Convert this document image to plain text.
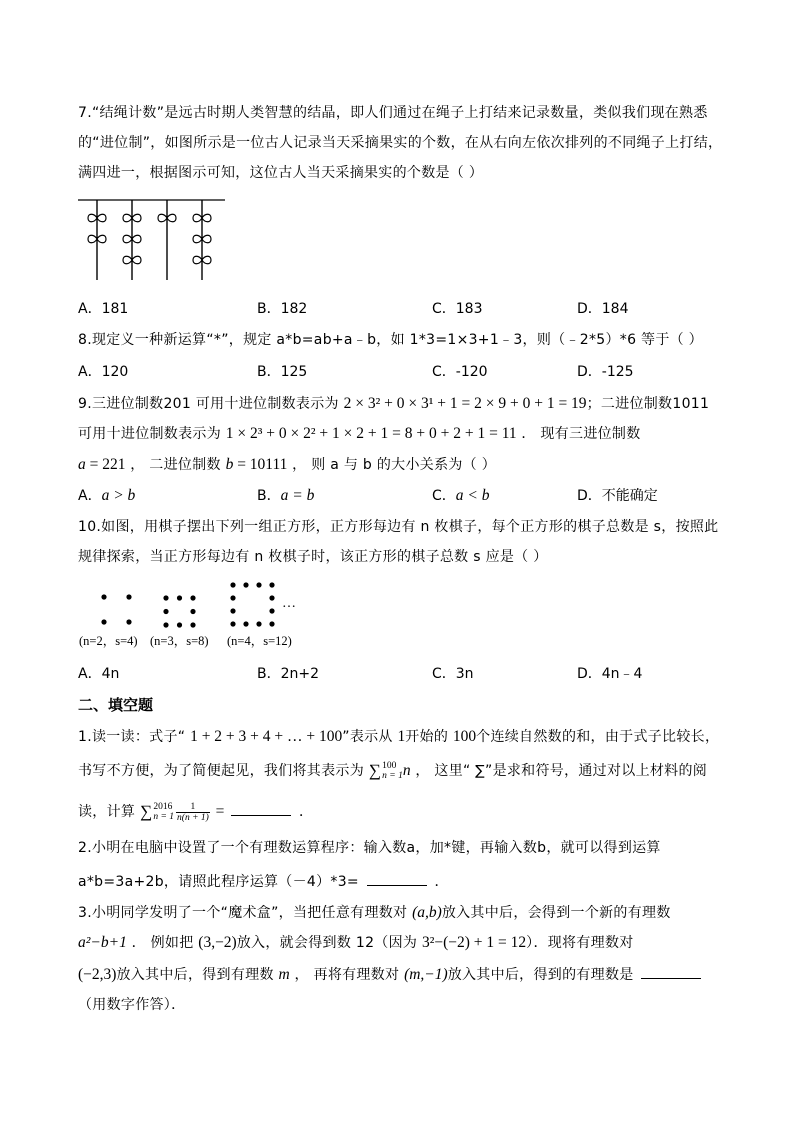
7.“结绳计数”是远古时期人类智慧的结晶，即人们通过在绳子上打结来记录数量，类似我们现在熟悉
的“进位制”，如图所示是一位古人记录当天采摘果实的个数，在从右向左依次排列的不同绳子上打结，
满四进一，根据图示可知，这位古人当天采摘果实的个数是（ ）
A．181	B．182	C．183	D．184
8.现定义一种新运算“*”，规定 a*b=ab+a﹣b，如 1*3=1×3+1﹣3，则（﹣2*5）*6 等于（ ）
A．120	B．125	C．-120	D．-125
9.三进位制数201 可用十进位制数表示为 2 × 3² + 0 × 3¹ + 1 = 2 × 9 + 0 + 1 = 19；二进位制数1011
可用十进位制数表示为 1 × 2³ + 0 × 2² + 1 × 2 + 1 = 8 + 0 + 2 + 1 = 11 ． 现有三进位制数
a = 221 ， 二进位制数 b = 10111 ， 则 a 与 b 的大小关系为（ ）
A．a > b	B．a = b	C．a < b	D．不能确定
10.如图，用棋子摆出下列一组正方形，正方形每边有 n 枚棋子，每个正方形的棋子总数是 s，按照此
规律探索，当正方形每边有 n 枚棋子时，该正方形的棋子总数 s 应是（ ）
…
(n=2，s=4) (n=3，s=8) (n=4，s=12)
A．4n	B．2n+2	C．3n	D．4n﹣4
二、填空题
1.读一读：式子“ 1 + 2 + 3 + 4 + … + 100”表示从 1开始的 100个连续自然数的和，由于式子比较长，
书写不方便，为了简便起见，我们将其表示为 ∑ 100
n = 1 n ， 这里“ ∑”是求和符号，通过对以上材料的阅
读，计算 ∑ 2016
$n = 1 \frac{1}{n(n + 1)}$ =	．
2.小明在电脑中设置了一个有理数运算程序：输入数a，加*键，再输入数b，就可以得到运算
a*b=3a+2b，请照此程序运算（－4）*3=	．
3.小明同学发明了一个“魔术盒”，当把任意有理数对 (a,b)放入其中后，会得到一个新的有理数
a²−b+1 ． 例如把 (3,−2)放入，就会得到数 12（因为 3²−(−2) + 1 = 12）．现将有理数对
(−2,3)放入其中后，得到有理数 m ， 再将有理数对 (m,−1)放入其中后，得到的有理数是
（用数字作答）．
